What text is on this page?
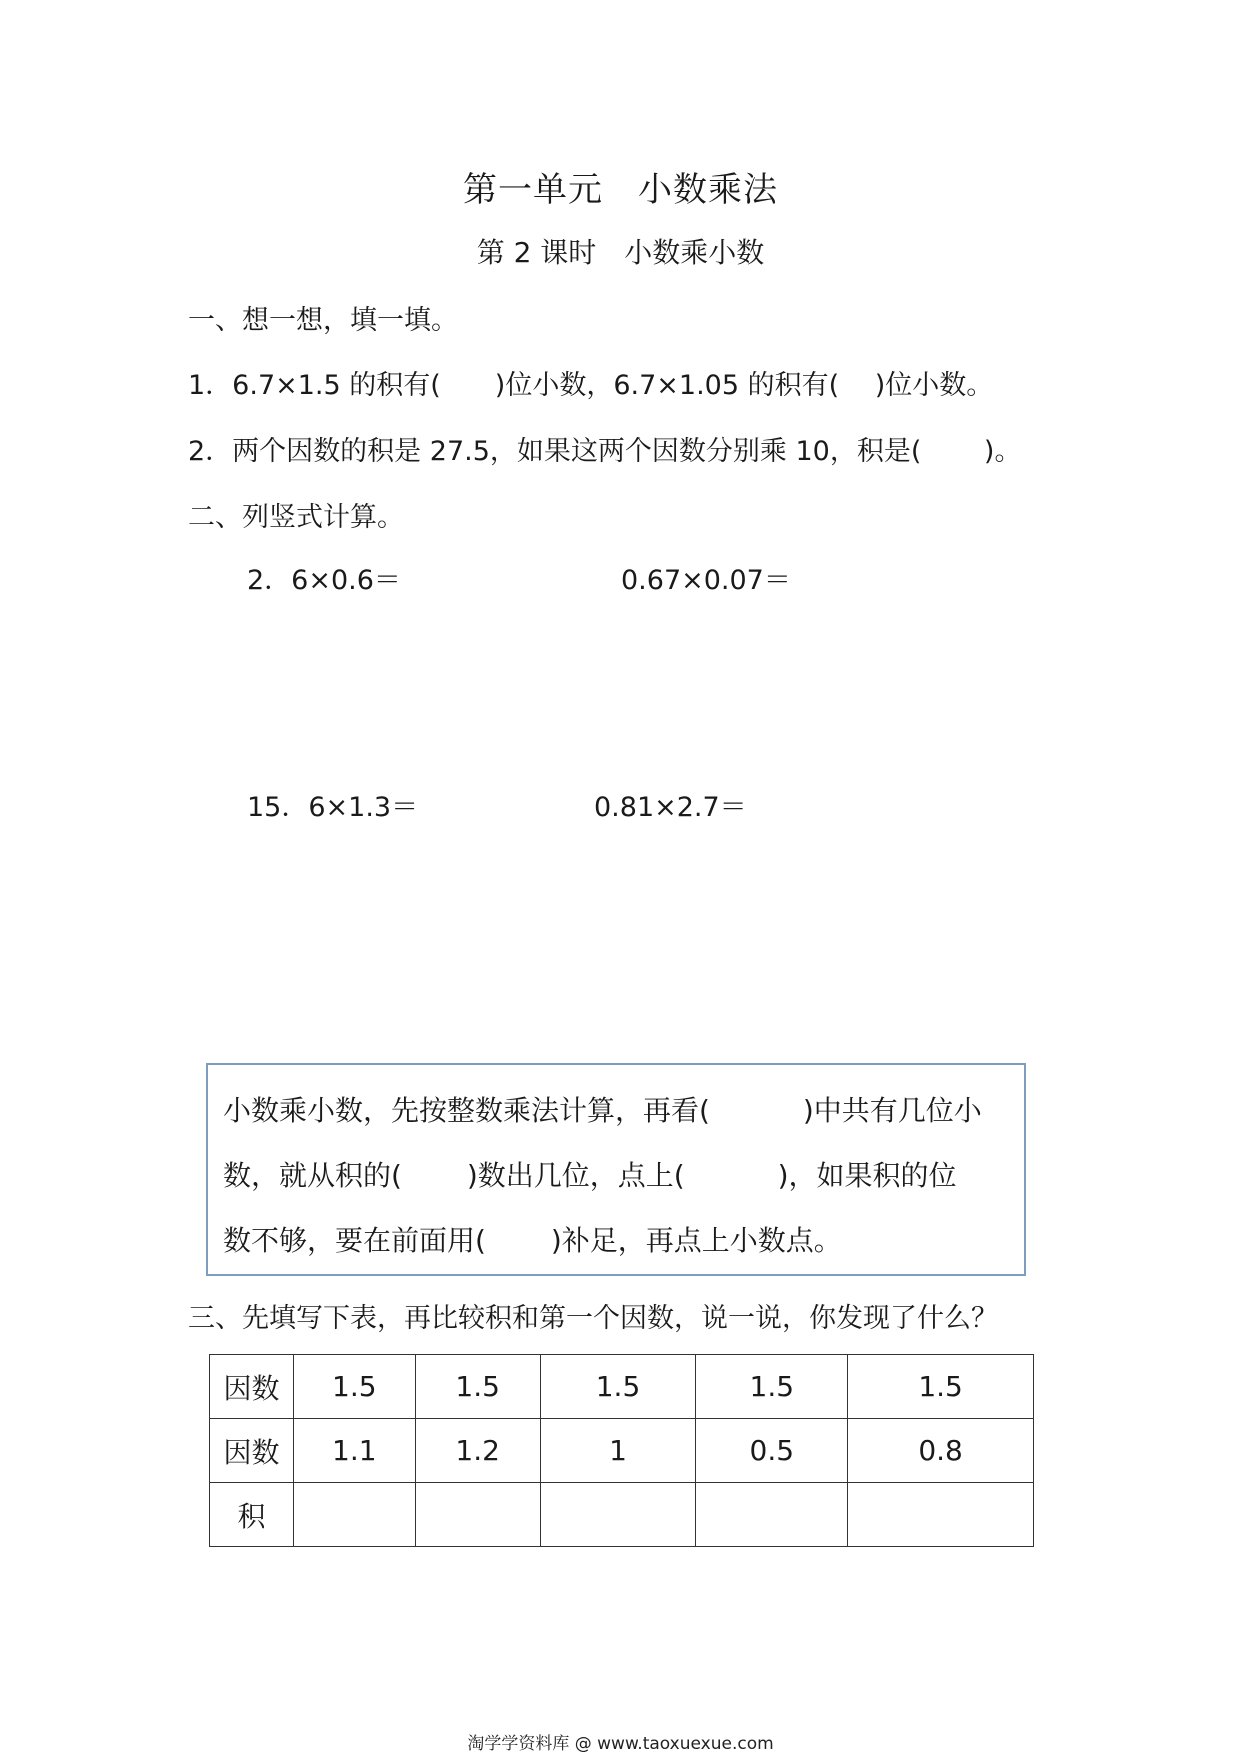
第一单元　小数乘法
第 2 课时　小数乘小数
一、想一想，填一填。
1．6.7×1.5 的积有(　　)位小数，6.7×1.05 的积有(　 )位小数。
2．两个因数的积是 27.5，如果这两个因数分别乘 10，积是(　　 )。
二、列竖式计算。
2．6×0.6＝	0.67×0.07＝
15．6×1.3＝	0.81×2.7＝
小数乘小数，先按整数乘法计算，再看(　　　 )中共有几位小
数，就从积的(　　 )数出几位，点上(　　　 )，如果积的位
数不够，要在前面用(　　 )补足，再点上小数点。
三、先填写下表，再比较积和第一个因数，说一说，你发现了什么？
因数	1.5	1.5	1.5	1.5	1.5
因数	1.1	1.2	1	0.5	0.8
积					
淘学学资料库 @ www.taoxuexue.com
